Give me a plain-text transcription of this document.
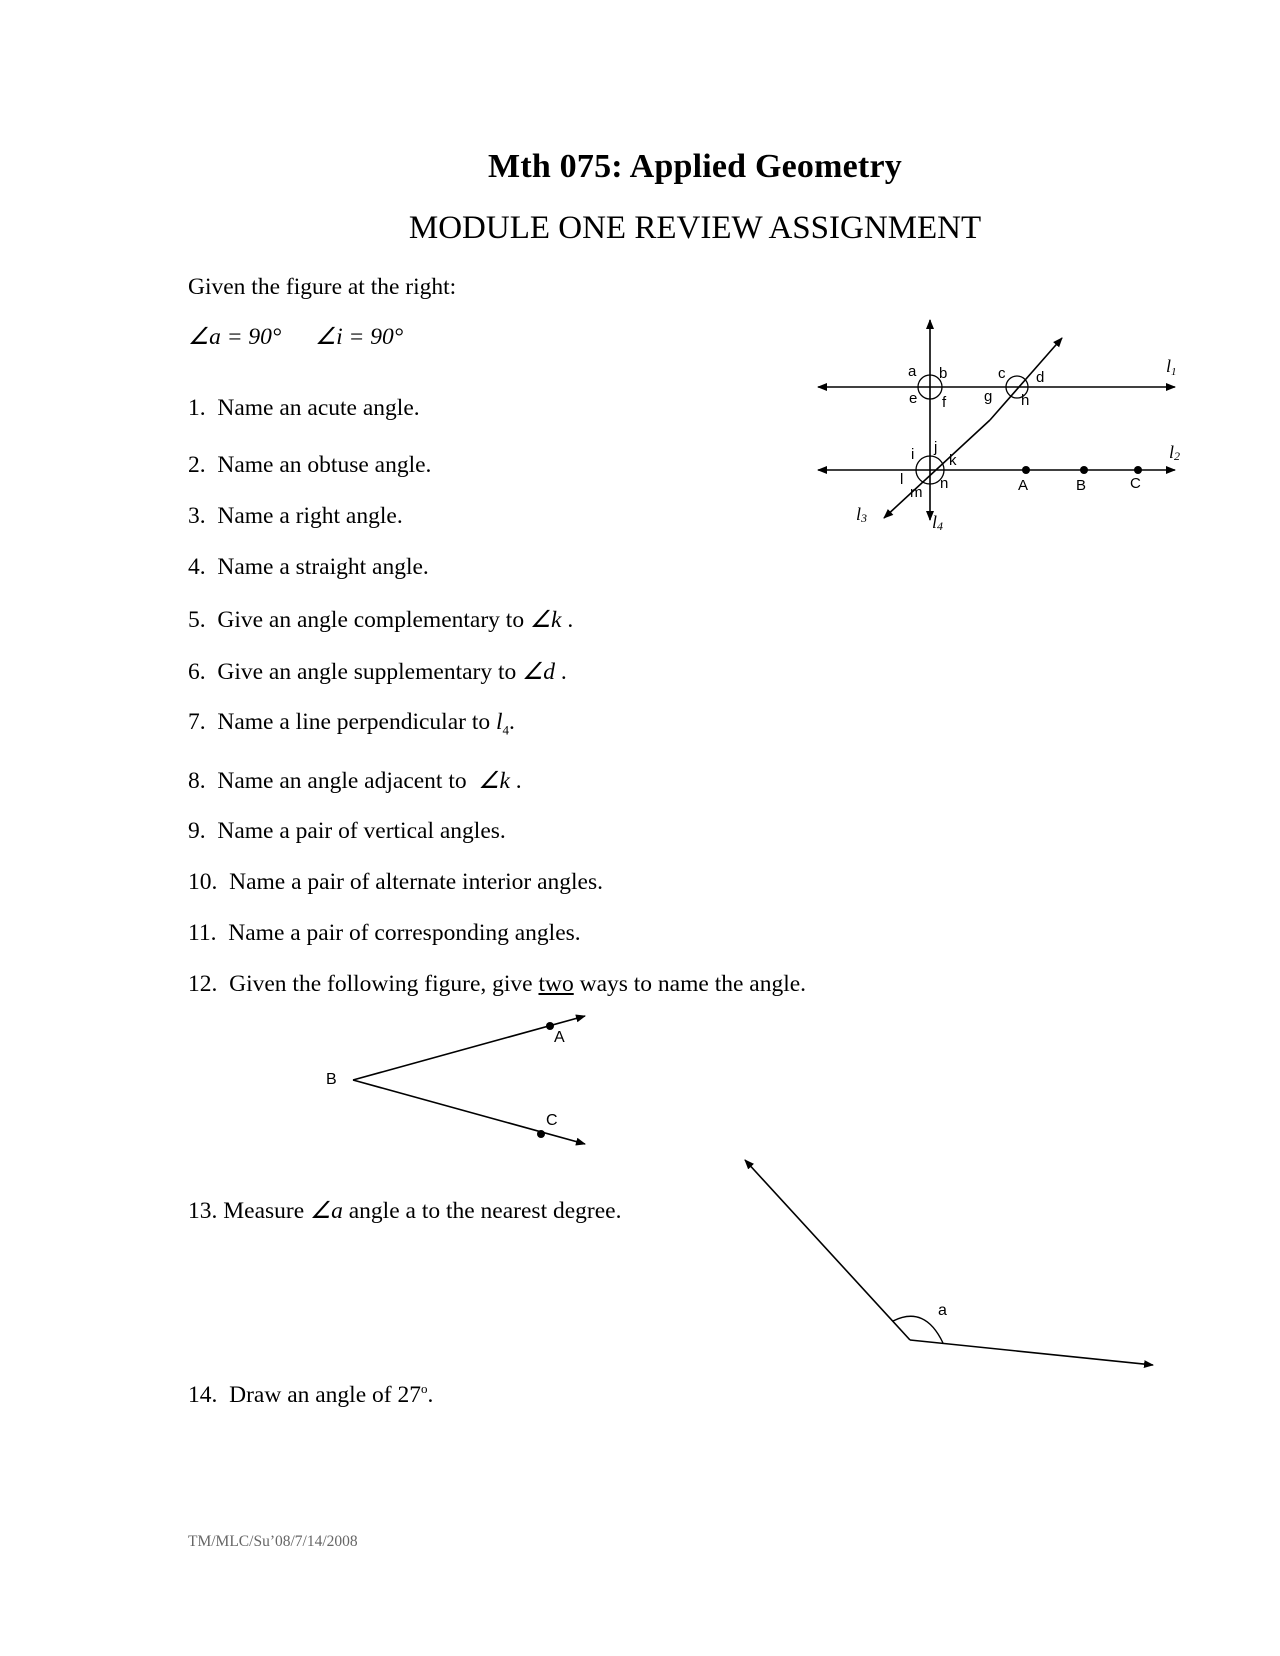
Mth 075: Applied Geometry
MODULE ONE REVIEW ASSIGNMENT
Given the figure at the right:
∠a = 90° ∠i = 90°
1. Name an acute angle.
2. Name an obtuse angle.
3. Name a right angle.
4. Name a straight angle.
5. Give an angle complementary to ∠k .
6. Give an angle supplementary to ∠d .
7. Name a line perpendicular to $l_4$.
8. Name an angle adjacent to ∠k .
9. Name a pair of vertical angles.
10. Name a pair of alternate interior angles.
11. Name a pair of corresponding angles.
12. Given the following figure, give two ways to name the angle.
13. Measure ∠a angle a to the nearest degree.
14. Draw an angle of 27$^o$.
a b	c d
e f	g h
i j
k
l
m
n	A	B	C
l1
l2
l3	l4
B
A
C
a
TM/MLC/Su’08/7/14/2008
